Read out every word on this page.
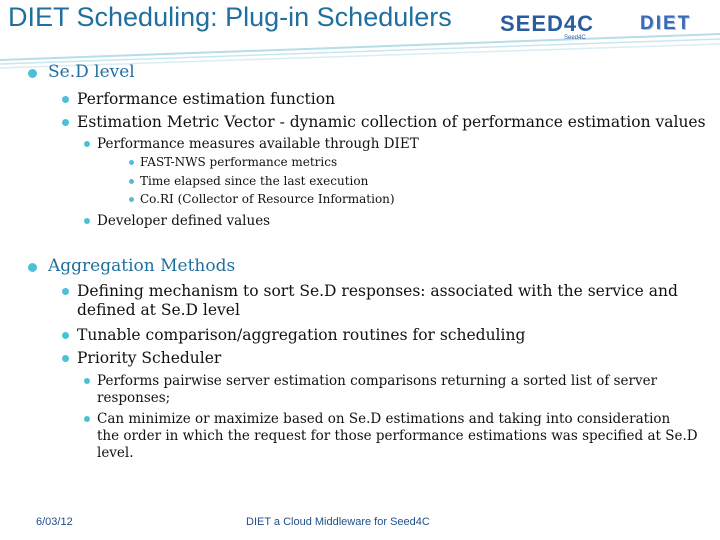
DIET Scheduling: Plug-in Schedulers SEED4C
Seed4C
DIET
Se.D level
Performance estimation function
Estimation Metric Vector - dynamic collection of performance estimation values
Performance measures available through DIET
FAST-NWS performance metrics
Time elapsed since the last execution
Co.RI (Collector of Resource Information)
Developer defined values
Aggregation Methods
Defining mechanism to sort Se.D responses: associated with the service and
defined at Se.D level
Tunable comparison/aggregation routines for scheduling
Priority Scheduler
Performs pairwise server estimation comparisons returning a sorted list of server
responses;
Can minimize or maximize based on Se.D estimations and taking into consideration
the order in which the request for those performance estimations was specified at Se.D
level.
6/03/12	DIET a Cloud Middleware for Seed4C
